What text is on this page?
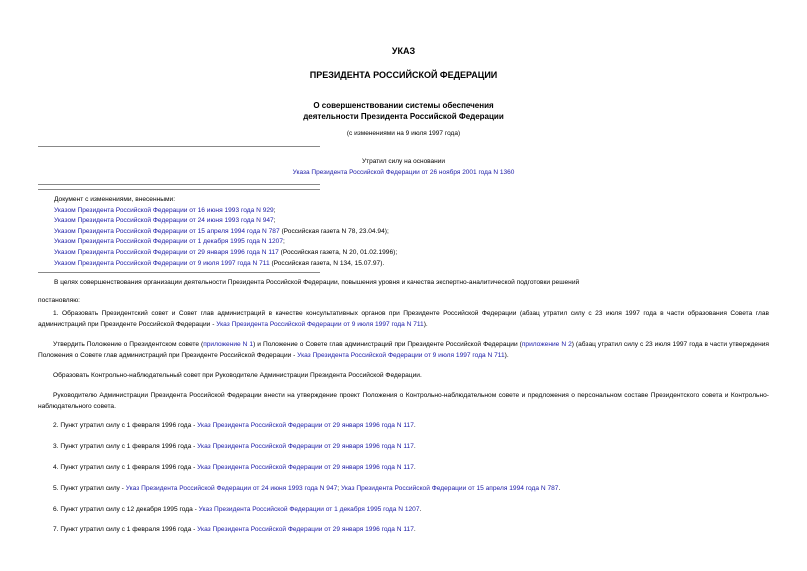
УКАЗ
ПРЕЗИДЕНТА РОССИЙСКОЙ ФЕДЕРАЦИИ
О совершенствовании системы обеспечения
деятельности Президента Российской Федерации
(с изменениями на 9 июля 1997 года)
Утратил силу на основании
Указа Президента Российской Федерации от 26 ноября 2001 года N 1360
Документ с изменениями, внесенными:
Указом Президента Российской Федерации от 16 июня 1993 года N 929;
Указом Президента Российской Федерации от 24 июня 1993 года N 947;
Указом Президента Российской Федерации от 15 апреля 1994 года N 787 (Российская газета N 78, 23.04.94);
Указом Президента Российской Федерации от 1 декабря 1995 года N 1207;
Указом Президента Российской Федерации от 29 января 1996 года N 117 (Российская газета, N 20, 01.02.1996);
Указом Президента Российской Федерации от 9 июля 1997 года N 711 (Российская газета, N 134, 15.07.97).
В целях совершенствования организации деятельности Президента Российской Федерации, повышения уровня и качества экспертно-аналитической подготовки решений
постановляю:
1. Образовать Президентский совет и Совет глав администраций в качестве консультативных органов при Президенте Российской Федерации (абзац утратил силу с 23 июля 1997 года в части образования Совета глав администраций при Президенте Российской Федерации - Указ Президента Российской Федерации от 9 июля 1997 года N 711).
Утвердить Положение о Президентском совете (приложение N 1) и Положение о Совете глав администраций при Президенте Российской Федерации (приложение N 2) (абзац утратил силу с 23 июля 1997 года в части утверждения Положения о Совете глав администраций при Президенте Российской Федерации - Указ Президента Российской Федерации от 9 июля 1997 года N 711).
Образовать Контрольно-наблюдательный совет при Руководителе Администрации Президента Российской Федерации.
Руководителю Администрации Президента Российской Федерации внести на утверждение проект Положения о Контрольно-наблюдательном совете и предложения о персональном составе Президентского совета и Контрольно-наблюдательного совета.
2. Пункт утратил силу с 1 февраля 1996 года - Указ Президента Российской Федерации от 29 января 1996 года N 117.
3. Пункт утратил силу с 1 февраля 1996 года - Указ Президента Российской Федерации от 29 января 1996 года N 117.
4. Пункт утратил силу с 1 февраля 1996 года - Указ Президента Российской Федерации от 29 января 1996 года N 117.
5. Пункт утратил силу - Указ Президента Российской Федерации от 24 июня 1993 года N 947; Указ Президента Российской Федерации от 15 апреля 1994 года N 787.
6. Пункт утратил силу с 12 декабря 1995 года - Указ Президента Российской Федерации от 1 декабря 1995 года N 1207.
7. Пункт утратил силу с 1 февраля 1996 года - Указ Президента Российской Федерации от 29 января 1996 года N 117.
